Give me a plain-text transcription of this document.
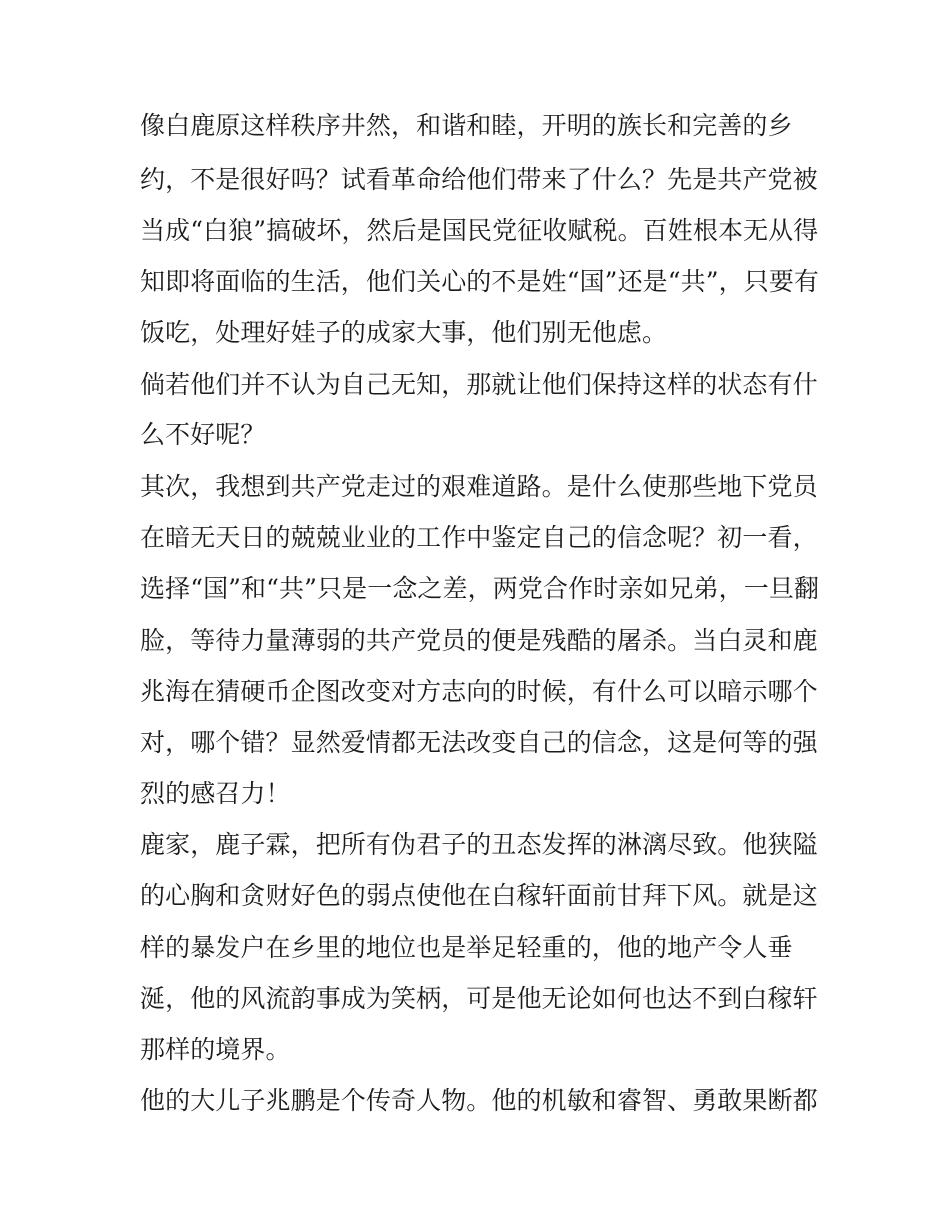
像白鹿原这样秩序井然，和谐和睦，开明的族长和完善的乡

约，不是很好吗？试看革命给他们带来了什么？先是共产党被

当成“白狼”搞破坏，然后是国民党征收赋税。百姓根本无从得

知即将面临的生活，他们关心的不是姓“国”还是“共”，只要有

饭吃，处理好娃子的成家大事，他们别无他虑。

倘若他们并不认为自己无知，那就让他们保持这样的状态有什

么不好呢？

其次，我想到共产党走过的艰难道路。是什么使那些地下党员

在暗无天日的兢兢业业的工作中鉴定自己的信念呢？初一看，

选择“国”和“共”只是一念之差，两党合作时亲如兄弟，一旦翻

脸，等待力量薄弱的共产党员的便是残酷的屠杀。当白灵和鹿

兆海在猜硬币企图改变对方志向的时候，有什么可以暗示哪个

对，哪个错？显然爱情都无法改变自己的信念，这是何等的强

烈的感召力！

鹿家，鹿子霖，把所有伪君子的丑态发挥的淋漓尽致。他狭隘

的心胸和贪财好色的弱点使他在白稼轩面前甘拜下风。就是这

样的暴发户在乡里的地位也是举足轻重的，他的地产令人垂

涎，他的风流韵事成为笑柄，可是他无论如何也达不到白稼轩

那样的境界。

他的大儿子兆鹏是个传奇人物。他的机敏和睿智、勇敢果断都
